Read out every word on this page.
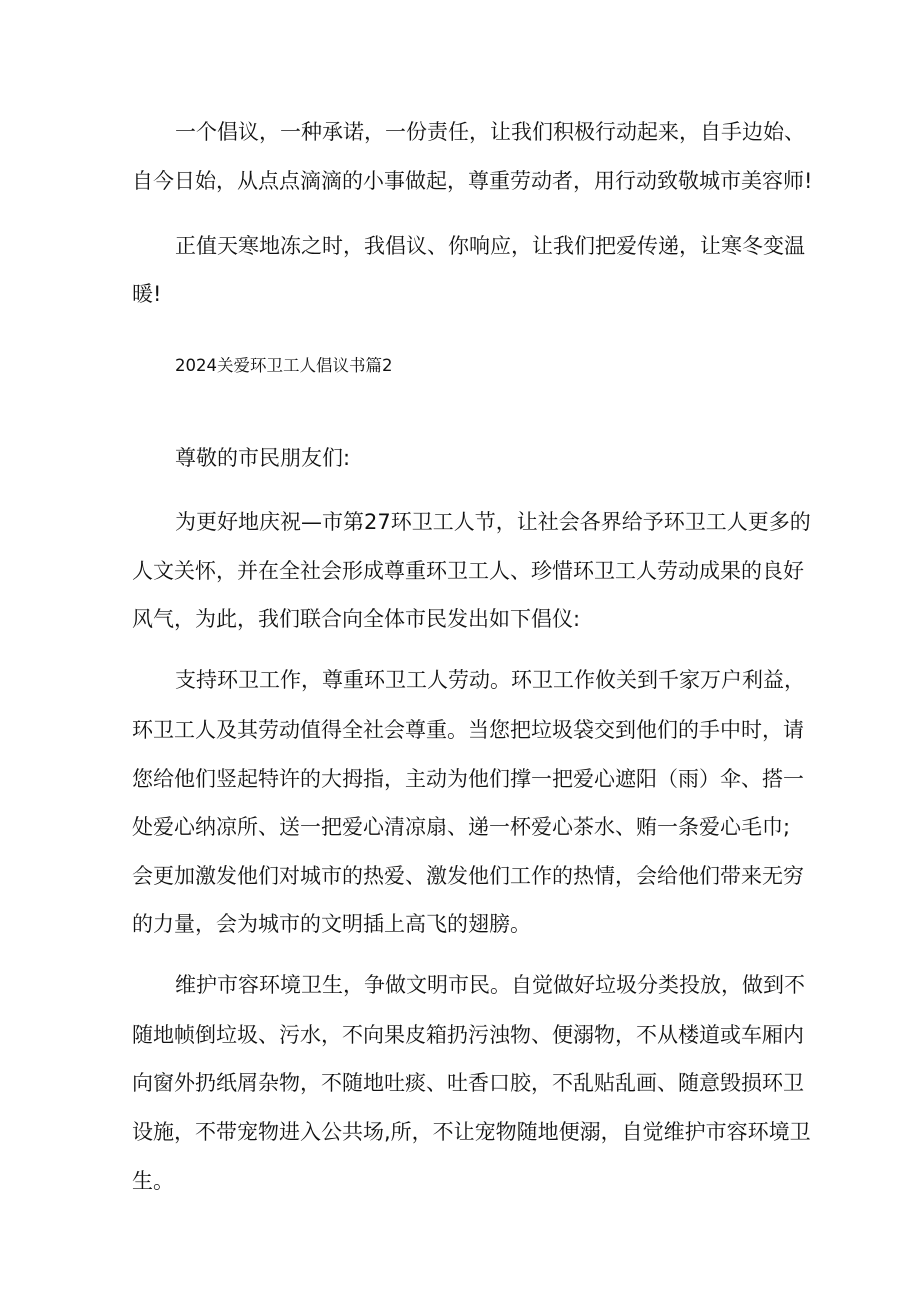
一个倡议，一种承诺，一份责任，让我们积极行动起来，自手边始、
自今日始，从点点滴滴的小事做起，尊重劳动者，用行动致敬城市美容师!
正值天寒地冻之时，我倡议、你响应，让我们把爱传递，让寒冬变温
暖!
2024关爱环卫工人倡议书篇2
尊敬的市民朋友们:
为更好地庆祝—市第27环卫工人节，让社会各界给予环卫工人更多的
人文关怀，并在全社会形成尊重环卫工人、珍惜环卫工人劳动成果的良好
风气，为此，我们联合向全体市民发出如下倡仪:
支持环卫工作，尊重环卫工人劳动。环卫工作攸关到千家万户利益，
环卫工人及其劳动值得全社会尊重。当您把垃圾袋交到他们的手中时，请
您给他们竖起特许的大拇指，主动为他们撑一把爱心遮阳（雨）伞、搭一
处爱心纳凉所、送一把爱心清凉扇、递一杯爱心茶水、贿一条爱心毛巾;
会更加激发他们对城市的热爱、激发他们工作的热情，会给他们带来无穷
的力量，会为城市的文明插上高飞的翅膀。
维护市容环境卫生，争做文明市民。自觉做好垃圾分类投放，做到不
随地帧倒垃圾、污水，不向果皮箱扔污浊物、便溺物，不从楼道或车厢内
向窗外扔纸屑杂物，不随地吐痰、吐香口胶，不乱贴乱画、随意毁损环卫
设施，不带宠物进入公共场,所，不让宠物随地便溺，自觉维护市容环境卫
生。
